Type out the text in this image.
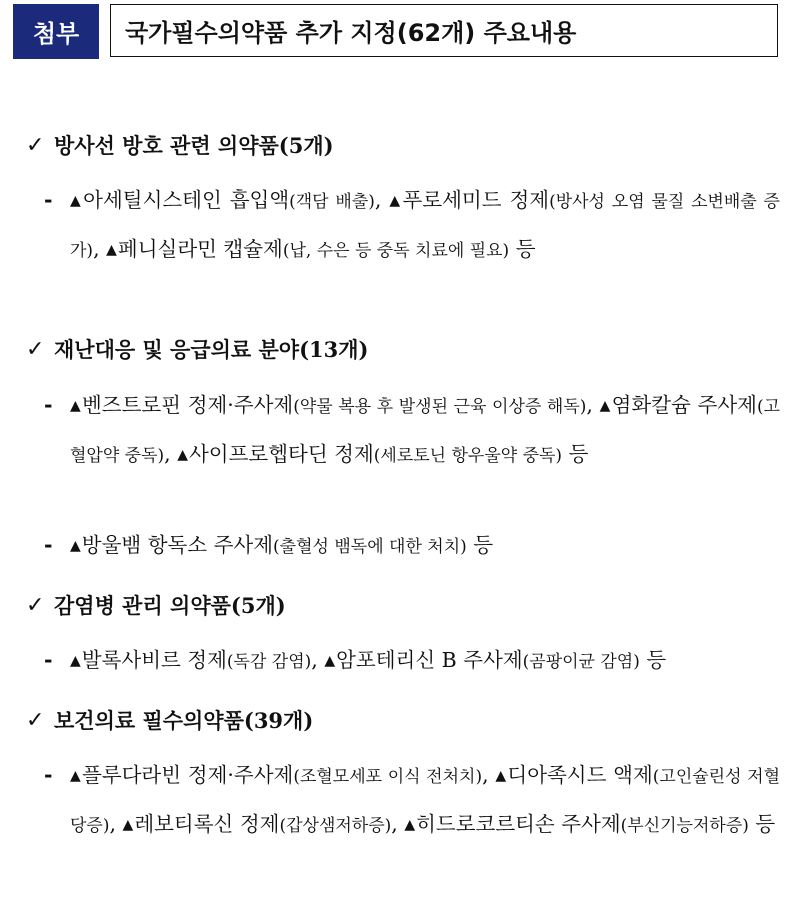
첨부	국가필수의약품 추가 지정(62개) 주요내용
✓ 방사선 방호 관련 의약품(5개)
- ▲아세틸시스테인 흡입액(객담 배출), ▲푸로세미드 정제(방사성 오염 물질 소변배출 증가), ▲페니실라민 캡슐제(납, 수은 등 중독 치료에 필요) 등
✓ 재난대응 및 응급의료 분야(13개)
- ▲벤즈트로핀 정제·주사제(약물 복용 후 발생된 근육 이상증 해독), ▲염화칼슘 주사제(고혈압약 중독), ▲사이프로헵타딘 정제(세로토닌 항우울약 중독) 등
- ▲방울뱀 항독소 주사제(출혈성 뱀독에 대한 처치) 등
✓ 감염병 관리 의약품(5개)
- ▲발록사비르 정제(독감 감염), ▲암포테리신 B 주사제(곰팡이균 감염) 등
✓ 보건의료 필수의약품(39개)
- ▲플루다라빈 정제·주사제(조혈모세포 이식 전처치), ▲디아족시드 액제(고인슐린성 저혈당증), ▲레보티록신 정제(갑상샘저하증), ▲히드로코르티손 주사제(부신기능저하증) 등
